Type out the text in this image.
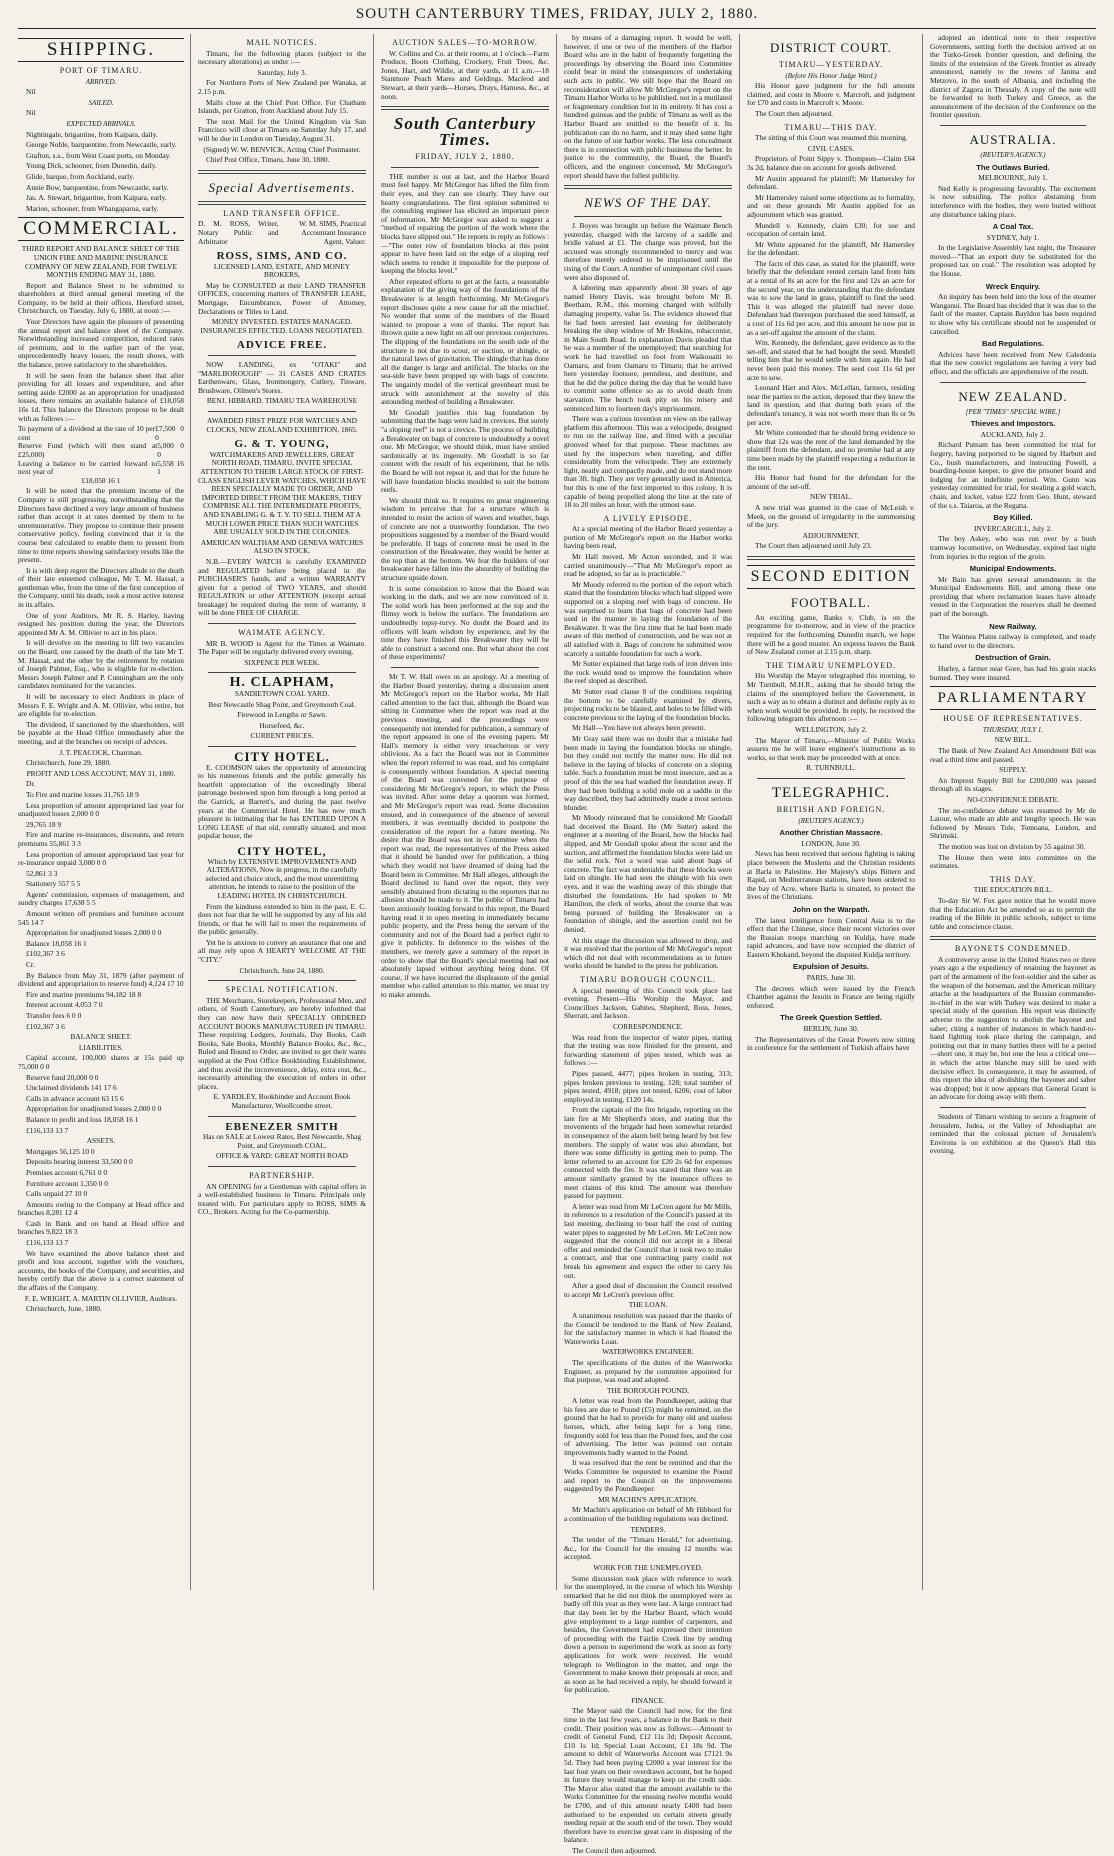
SOUTH CANTERBURY TIMES, FRIDAY, JULY 2, 1880.
SHIPPING.
PORT OF TIMARU.
ARRIVED.

Nil

SAILED.

Nil

EXPECTED ARRIVALS.

Nightingale, brigantine, from Kaipara, daily.

George Noble, barquentine, from Newcastle, early.

Grafton, s.s., from West Coast ports, on Monday.

Young Dick, schooner, from Dunedin, daily.

Glide, barque, from Auckland, early.

Annie Bow, barquentine, from Newcastle, early.

Jas. A. Stewart, brigantine, from Kaipara, early.

Marion, schooner, from Whangaparoa, early.

COMMERCIAL.

THIRD REPORT AND BALANCE SHEET OF THE UNION FIRE AND MARINE INSURANCE COMPANY OF NEW ZEALAND, FOR TWELVE MONTHS ENDING MAY 31, 1880.

Report and Balance Sheet to be submitted to shareholders at third annual general meeting of the Company, to be held at their offices, Hereford street, Christchurch, on Tuesday, July 6, 1880, at noon :—

Your Directors have again the pleasure of presenting the annual report and balance sheet of the Company. Notwithstanding increased competition, reduced rates of premium, and in the earlier part of the year, unprecedentedly heavy losses, the result shows, with the balance, prove satisfactory to the shareholders.

It will be seen from the balance sheet that after providing for all losses and expenditure, and after setting aside £2000 as an appropriation for unadjusted losses, there remains an available balance of £18,058 16s 1d. This balance the Directors propose to be dealt with as follows :—

To payment of a dividend at the rate of 10 per cent
£7,500 0 0
Reserve Fund (which will then stand at £25,000)
5,000 0 0
Leaving a balance to be carried forward to next year of
5,558 16 1

£18,058 16 1

It will be noted that the premium income of the Company is still progressing, notwithstanding that the Directors have declined a very large amount of business rather than accept it at rates deemed by them to be unremunerative. They propose to continue their present conservative policy, feeling convinced that it is the course best calculated to enable them to present from time to time reports showing satisfactory results like the present.

It is with deep regret the Directors allude to the death of their late esteemed colleague, Mr T. M. Hassal, a gentleman who, from the time of the first conception of the Company, until his death, took a most active interest in its affairs.

One of your Auditors, Mr R. S. Harley, having resigned his position during the year, the Directors appointed Mr A. M. Ollivier to act in his place.

It will devolve on the meeting to fill two vacancies on the Board, one caused by the death of the late Mr T. M. Hassal, and the other by the retirement by rotation of Joseph Palmer, Esq., who is eligible for re-election. Messrs Joseph Palmer and P. Cunningham are the only candidates nominated for the vacancies.

It will be necessary to elect Auditors in place of Messrs F. E. Wright and A. M. Ollivier, who retire, but are eligible for re-election.

The dividend, if sanctioned by the shareholders, will be payable at the Head Office immediately after the meeting, and at the branches on receipt of advices.

J. T. PEACOCK, Chairman.

Christchurch, June 29, 1880.

PROFIT AND LOSS ACCOUNT, MAY 31, 1880.

Dr.

To Fire and marine losses 31,765 18 9

Less proportion of amount appropriated last year for unadjusted losses 2,000 0 0

29,765 18 9

Fire and marine re-insurances, discounts, and return premiums 55,861 3 3

Less proportion of amount appropriated last year for re-insurance unpaid 3,000 0 0

52,861 3 3

Stationery 557 5 5

Agents' commission, expenses of management, and sundry charges 17,638 5 5

Amount written off premises and furniture account 545 14 7

Appropriation for unadjusted losses 2,000 0 0

Balance 18,058 16 1

£102,367 3 6

Cr.

By Balance from May 31, 1879 (after payment of dividend and appropriation to reserve fund) 4,124 17 10

Fire and marine premiums 94,182 18 8

Interest account 4,053 7 0

Transfer fees 6 0 0

£102,367 3 6

BALANCE SHEET.

LIABILITIES.

Capital account, 100,000 shares at 15s paid up 75,000 0 0

Reserve fund 20,000 0 0

Unclaimed dividends 141 17 6

Calls in advance account 63 15 6

Appropriation for unadjusted losses 2,000 0 0

Balance to profit and loss 18,058 16 1

£116,133 13 7

ASSETS.

Mortgages 56,125 10 0

Deposits bearing interest 33,500 0 0

Premises account 6,761 0 0

Furniture account 1,350 0 0

Calls unpaid 27 10 0

Amounts owing to the Company at Head office and branches 8,281 12 4

Cash in Bank and on hand at Head office and branches 9,822 18 3

£116,133 13 7

We have examined the above balance sheet and profit and loss account, together with the vouchers, accounts, the books of the Company, and securities, and hereby certify that the above is a correct statement of the affairs of the Company.

F. E. WRIGHT, A. MARTIN OLLIVIER, Auditors.

Christchurch, June, 1880.

MAIL NOTICES.

Timaru, for the following places (subject to the necessary alterations) as under :—

Saturday, July 3.

For Northern Ports of New Zealand per Wanaka, at 2.15 p.m.

Mails close at the Chief Post Office. For Chatham Islands, per Gratton, from Auckland about July 15.

The next Mail for the United Kingdom via San Francisco will close at Timaru on Saturday July 17, and will be due in London on Tuesday, August 31.

(Signed) W. W. BENVICK, Acting Chief Postmaster.

Chief Post Office, Timaru, June 30, 1880.

Special Advertisements.
LAND TRANSFER OFFICE.
D. M. ROSS, Writer, Notary Public and Arbitrator
W. M. SIMS, Practical Accountant Insurance Agent, Valuer.
ROSS, SIMS, AND CO.

LICENSED LAND, ESTATE, AND MONEY BROKERS,

May be CONSULTED at their LAND TRANSFER OFFICES, concerning matters of TRANSFER LEASE, Mortgage, Encumbrance, Power of Attorney, Declarations or Titles to Land.

MONEY INVESTED. ESTATES MANAGED. INSURANCES EFFECTED. LOANS NEGOTIATED.

ADVICE FREE.

NOW LANDING, ex "OTAKI" and "MARLBOROUGH" — 31 CASES AND CRATES Earthenware, Glass, Ironmongery, Cutlery, Tinware, Brushware, Oilmen's Stores.

BENJ. HIBBARD. TIMARU TEA WAREHOUSE

AWARDED FIRST PRIZE FOR WATCHES AND CLOCKS, NEW ZEALAND EXHIBITION, 1865.

G. & T. YOUNG,

WATCHMAKERS AND JEWELLERS, GREAT NORTH ROAD, TIMARU, INVITE SPECIAL ATTENTION TO THEIR LARGE STOCK OF FIRST-CLASS ENGLISH LEVER WATCHES, WHICH HAVE BEEN SPECIALLY MADE TO ORDER, AND IMPORTED DIRECT FROM THE MAKERS, THEY COMPRISE ALL THE INTERMEDIATE PROFITS, AND ENABLING G. & T. Y. TO SELL THEM AT A MUCH LOWER PRICE THAN SUCH WATCHES ARE USUALLY SOLD IN THE COLONIES.

AMERICAN WALTHAM AND GENEVA WATCHES ALSO IN STOCK.

N.B.—EVERY WATCH is carefully EXAMINED and REGULATED before being placed in the PURCHASER'S hands, and a written WARRANTY given for a period of TWO YEARS, and should REGULATION or other ATTENTION (except actual breakage) be required during the term of warranty, it will be done FREE OF CHARGE.

WAIMATE AGENCY.

MR B. WOOD is Agent for the Times at Waimate. The Paper will be regularly delivered every evening.

SIXPENCE PER WEEK.

H. CLAPHAM,

SANDIETOWN COAL YARD.

Best Newcastle Shag Point, and Greymouth Coal.

Firewood in Lengths or Sawn.

Horsefeed, &c.

CURRENT PRICES.

CITY HOTEL.

E. COOMSON takes the opportunity of announcing to his numerous friends and the public generally his heartfelt appreciation of the exceedingly liberal patronage bestowed upon him through a long period at the Garrick, at Barrett's, and during the past twelve years at the Commercial Hotel. He has now much pleasure in intimating that he has ENTERED UPON A LONG LEASE of that old, centrally situated, and most popular house, the

CITY HOTEL,

Which by EXTENSIVE IMPROVEMENTS AND ALTERATIONS, Now in progress, in the carefully selected and choice stock, and the most unremitting attention, he intends to raise to the position of the LEADING HOTEL IN CHRISTCHURCH.

From the kindness extended to him in the past, E. C. does not fear that he will be supported by any of his old friends, or that he will fail to meet the requirements of the public generally.

Yet he is anxious to convey an assurance that one and all may rely upon A HEARTY WELCOME AT THE "CITY."

Christchurch, June 24, 1880.

SPECIAL NOTIFICATION.

THE Merchants, Storekeepers, Professional Men, and others, of South Canterbury, are hereby informed that they can now have their SPECIALLY ORDERED ACCOUNT BOOKS MANUFACTURED IN TIMARU. These requiring Ledgers, Journals, Day Books, Cash Books, Sale Books, Monthly Balance Books, &c., &c., Ruled and Bound to Order, are invited to get their wants supplied at the Post Office Bookbinding Establishment, and thus avoid the inconvenience, delay, extra cost, &c., necessarily attending the execution of orders in other places.

E. YARDLEY, Bookbinder and Account Book Manufacturer, Woollcombe street.

EBENEZER SMITH

Has on SALE at Lowest Rates, Best Newcastle, Shag Point, and Greymouth COAL.

OFFICE & YARD: GREAT NORTH ROAD

PARTNERSHIP.

AN OPENING for a Gentleman with capital offers in a well-established business in Timaru. Principals only treated with. For particulars apply to ROSS, SIMS & CO., Brokers. Acting for the Co-partnership.

AUCTION SALES—TO-MORROW.

W. Collins and Co. at their rooms, at 1 o'clock—Farm Produce, Boots Clothing, Crockery, Fruit Trees, &c. Jones, Hart, and Wildie, at their yards, at 11 a.m.—18 Stanmore Peach Mares and Geldings. Macleod and Stewart, at their yards—Horses, Drays, Harness, &c., at noon.

South Canterbury Times.
FRIDAY, JULY 2, 1880.

THE number is out at last, and the Harbor Board must feel happy. Mr McGregor has lifted the film from their eyes, and they can see clearly. They have our hearty congratulations. The first opinion submitted to the consulting engineer has elicited an important piece of information. Mr McGregor was asked to suggest a "method of repairing the portion of the work where the blocks have slipped out." He reports in reply as follows :—"The outer row of foundation blocks at this point appear to have been laid on the edge of a sloping reef which seems to render it impossible for the purpose of keeping the blocks level."

After repeated efforts to get at the facts, a reasonable explanation of the giving way of the foundations of the Breakwater is at length forthcoming. Mr McGregor's report discloses quite a new cause for all the mischief. No wonder that some of the members of the Board wanted to propose a vote of thanks. The report has thrown quite a new light on all our previous conjectures. The slipping of the foundations on the south side of the structure is not due to scour, or suction, or shingle, or the natural laws of gravitation. The shingle that has done all the danger is large and artificial. The blocks on the sea-side have been propped up with bags of concrete. The ungainly model of the vertical greenheart must be struck with astonishment at the novelty of this astounding method of building a Breakwater.

Mr Goodall justifies this bag foundation by submitting that the bags were laid in crevices. But surely "a sloping reef" is not a crevice. The process of building a Breakwater on bags of concrete is undoubtedly a novel one. Mr McGregor, we should think, must have smiled sardonically at its ingenuity. Mr Goodall is so far content with the result of his experiment, that he tells the Board he will not repeat it, and that for the future he will have foundation blocks moulded to suit the bottom reefs.

We should think so. It requires no great engineering wisdom to perceive that for a structure which is intended to resist the action of waves and weather, bags of concrete are not a trustworthy foundation. The two propositions suggested by a member of the Board would be preferable. If bags of concrete must be used in the construction of the Breakwater, they would be better at the top than at the bottom. We fear the builders of our breakwater have fallen into the absurdity of building the structure upside down.

It is some consolation to know that the Board was working in the dark, and we are now convinced of it. The solid work has been performed at the top and the flimsy work is below the surface. The foundations are undoubtedly topsy-turvy. No doubt the Board and its officers will learn wisdom by experience, and by the time they have finished this Breakwater they will be able to construct a second one. But what about the cost of these experiments?

Mr T. W. Hall owes us an apology. At a meeting of the Harbor Board yesterday, during a discussion anent Mr McGregor's report on the Harbor works, Mr Hall called attention to the fact that, although the Board was sitting in Committee when the report was read at the previous meeting, and the proceedings were consequently not intended for publication, a summary of the report appeared in one of the evening papers. Mr Hall's memory is either very treacherous or very oblivious. As a fact the Board was not in Committee when the report referred to was read, and his complaint is consequently without foundation. A special meeting of the Board was convened for the purpose of considering Mr McGregor's report, to which the Press was invited. After some delay a quorum was formed, and Mr McGregor's report was read. Some discussion ensued, and in consequence of the absence of several members, it was eventually decided to postpone the consideration of the report for a future meeting. No desire that the Board was not in Committee when the report was read, the representatives of the Press asked that it should be handed over for publication, a thing which they would not have dreamed of doing had the Board been in Committee. Mr Hall alleges, although the Board declined to hand over the report, they very sensibly abstained from dictating to the reporters that no allusion should be made to it. The public of Timaru had been anxiously looking forward to this report, the Board having read it in open meeting in immediately became public property, and the Press being the servant of the community and not of the Board had a perfect right to give it publicity. In deference to the wishes of the members, we merely gave a summary of the report in order to show that the Board's special meeting had not absolutely lapsed without anything being done. Of course, if we have incurred the displeasure of the genial member who called attention to this matter, we must try to make amends.

by means of a damaging report. It would be well, however, if one or two of the members of the Harbor Board who are in the habit of frequently forgetting the proceedings by observing the Board into Committee could bear in mind the consequences of undertaking such acts in public. We still hope that the Board on reconsideration will allow Mr McGregor's report on the Timaru Harbor Works to be published, not in a mutilated or fragmentary condition but in its entirety. It has cost a hundred guineas and the public of Timaru as well as the Harbor Board are entitled to the benefit of it. Its publication can do no harm, and it may shed some light on the future of our harbor works. The less concealment there is in connection with public business the better. In justice to the community, the Board, the Board's officers, and the engineer concerned, Mr McGregor's report should have the fullest publicity.

NEWS OF THE DAY.

J. Boyes was brought up before the Waimate Bench yesterday, charged with the larceny of a saddle and bridle valued at £1. The charge was proved, but the accused was strongly recommended to mercy and was therefore merely ordered to be imprisoned until the rising of the Court. A number of unimportant civil cases were also disposed of.

A laboring man apparently about 30 years of age named Henry Davis, was brought before Mr B. Beetham, R.M., this morning charged with wilfully damaging property, value 5s. The evidence showed that he had been arrested last evening for deliberately breaking the shop window of Mr Hoskins, tobacconist, in Main South Road. In explanation Davis pleaded that he was a member of the unemployed; that searching for work he had travelled on foot from Waikouaiti to Oamaru, and from Oamaru to Timaru; that he arrived here yesterday footsore, penniless, and destitute, and that he did the police during the day that he would have to commit some offence so as to avoid death from starvation. The bench took pity on his misery and sentenced him to fourteen day's imprisonment.

There was a curious invention on view on the railway platform this afternoon. This was a velocipede, designed to run on the railway line, and fitted with a peculiar grooved wheel for that purpose. These machines are used by the inspectors when traveling, and differ considerably from the velocipede. They are extremely light, neatly and compactly made, and do not stand more than 3ft. high. They are very generally used in America, but this is one of the first imported to this colony. It is capable of being propelled along the line at the rate of 18 to 20 miles an hour, with the utmost ease.

A LIVELY EPISODE.

At a special meeting of the Harbor Board yesterday a portion of Mr McGregor's report on the Harbor works having been read,

Mr Hall moved, Mr Acton seconded, and it was carried unanimously—"That Mr McGregor's report as read be adopted, so far as is practicable."

Mr Moody referred to the portion of the report which stated that the foundation blocks which had slipped were supported on a sloping reef with bags of concrete. He was surprised to learn that bags of concrete had been used in the manner in laying the foundation of the Breakwater. It was the first time that he had been made aware of this method of construction, and he was not at all satisfied with it. Bags of concrete he submitted were scarcely a suitable foundation for such a work.

Mr Sutter explained that large rods of iron driven into the rock would tend to improve the foundation where the reef sloped as described.

Mr Sutter read clause 8 of the conditions requiring the bottom to be carefully examined by divers, projecting rocks to be blasted, and holes to be filled with concrete previous to the laying of the foundation blocks.

Mr Hall—You have not always been present.

Mr Gray said there was no doubt that a mistake had been made in laying the foundation blocks on shingle, but they could not rectify the matter now. He did not believe in the laying of blocks of concrete on a sloping table. Such a foundation must be most insecure, and as a proof of this the sea had washed the foundation away. If they had been building a solid mole on a saddle in the way described, they had admittedly made a most serious blunder.

Mr Moody reiterated that he considered Mr Goodall had deceived the Board. He (Mr Sutter) asked the engineer at a meeting of the Board, how the blocks had slipped, and Mr Goodall spoke about the scour and the suction, and affirmed the foundation blocks were laid on the solid rock. Not a word was said about bags of concrete. The fact was undeniable that these blocks were laid on shingle. He had seen the shingle with his own eyes, and it was the washing away of this shingle that disturbed the foundations. He had spoken to Mr Hamilton, the clerk of works, about the course that was being pursued of building the Breakwater on a foundation of shingle, and the assertion could not be denied.

At this stage the discussion was allowed to drop, and it was resolved that the portion of Mr McGregor's report which did not deal with recommendations as to future works should be handed to the press for publication.

TIMARU BOROUGH COUNCIL.

A special meeting of this Council took place last evening. Present—His Worship the Mayor, and Councillors Jackson, Gabites, Shepherd, Ross, Jones, Sherratt, and Jackson.

CORRESPONDENCE.

Was read from the inspector of water pipes, stating that the testing was now finished for the present, and forwarding statement of pipes tested, which was as follows :—

Pipes passed, 4477; pipes broken in testing, 313; pipes broken previous to testing, 128; total number of pipes tested, 4918; pipes not tested, 6206; cost of labor employed in testing, £120 14s.

From the captain of the fire brigade, reporting on the late fire at Mr Shepherd's store, and stating that the movements of the brigade had been somewhat retarded in consequence of the alarm bell being heard by but few members. The supply of water was also abundant, but there was some difficulty in getting men to pump. The letter referred to an account for £20 2s 6d for expenses connected with the fire. It was stated that there was an amount similarly granted by the insurance offices to meet claims of this kind. The amount was therefore passed for payment.

A letter was read from Mr LeCren agent for Mr Mills, in reference to a resolution of the Council's passed at its last meeting, declining to bear half the cost of cutting water pipes to suggested by Mr LeCren. Mr LeCren now suggested that the council did not accept in a liberal offer and reminded the Council that it took two to make a contract, and that one contracting party could not break his agreement and expect the other to carry his out.

After a good deal of discussion the Council resolved to accept Mr LeCren's previous offer.

THE LOAN.

A unanimous resolution was passed that the thanks of the Council be tendered to the Bank of New Zealand, for the satisfactory manner in which it had floated the Waterworks Loan.

WATERWORKS ENGINEER.

The specifications of the duties of the Waterworks Engineer, as prepared by the committee appointed for that purpose, was read and adopted.

THE BOROUGH POUND.

A letter was read from the Poundkeeper, asking that his fees are due to Pound (£5) might be remitted, on the ground that he had to provide for many old and useless horses, which, after being kept for a long time, frequently sold for less than the Pound fees, and the cost of advertising. The letter was pointed out certain improvements badly wanted to the Pound.

It was resolved that the rent be remitted and that the Works Committee be requested to examine the Pound and report to the Council on the improvements suggested by the Poundkeeper.

MR MACHIN'S APPLICATION.

Mr Machin's application on behalf of Mr Hibbord for a continuation of the building regulations was declined.

TENDERS.

The tender of the "Timaru Herald," for advertising, &c., for the Council for the ensuing 12 months was accepted.

WORK FOR THE UNEMPLOYED.

Some discussion took place with reference to work for the unemployed, in the course of which his Worship remarked that he did not think the unemployed were as badly off this year as they were last. A large contract had that day been let by the Harbor Board, which would give employment to a large number of carpenters, and besides, the Government had expressed their intention of proceeding with the Fairlie Creek line by sending down a person to superintend the work as soon as forty applications for work were received. He would telegraph to Wellington in the matter, and urge the Government to make known their proposals at once, and as soon as he had received a reply, he should forward it for publication.

FINANCE.

The Mayor said the Council had now, for the first time in the last few years, a balance in the Bank to their credit. Their position was now as follows:—Amount to credit of General Fund, £12 11s 3d; Deposit Account, £10 1s 1d; Special Loan Account, £1 18s 9d. The amount to debit of Waterworks Account was £7121 9s 5d. They had been paying £2000 a year interest for the last four years on their overdrawn account, but he hoped in future they would manage to keep on the credit side. The Mayor also stated that the amount available to the Works Committee for the ensuing twelve months would be £700, and of this amount nearly £400 had been authorised to be expended on certain streets greatly needing repair at the south end of the town. They would therefore have to exercise great care in disposing of the balance.

The Council then adjourned.

DISTRICT COURT.
TIMARU—YESTERDAY.
(Before His Honor Judge Ward.)

His Honor gave judgment for the full amount claimed, and costs in Moore v. Marcroft, and judgment for £70 and costs in Marcroft v. Moore.

The Court then adjourned.

TIMARU—THIS DAY.

The sitting of this Court was resumed this morning.

CIVIL CASES.

Proprietors of Point Sippy v. Thompson—Claim £64 3s 2d, balance due on account for goods delivered.

Mr Austin appeared for plaintiff; Mr Hamersley for defendant.

Mr Hamersley raised some objections as to formality, and on these grounds Mr Austin applied for an adjournment which was granted.

Mundell v. Kennedy, claim £30; for use and occupation of certain land.

Mr White appeared for the plaintiff, Mr Hamersley for the defendant.

The facts of this case, as stated for the plaintiff, were briefly that the defendant rented certain land from him at a rental of 8s an acre for the first and 12s an acre for the second year, on the understanding that the defendant was to sow the land in grass, plaintiff to find the seed. This it was alleged the plaintiff had never done. Defendant had thereupon purchased the seed himself, at a cost of 11s 6d per acre, and this amount he now put in as a set-off against the amount of the claim.

Wm. Kennedy, the defendant, gave evidence as to the set-off, and stated that he had bought the seed. Mundell telling him that he would settle with him again. He had never been paid this money. The seed cost 11s 6d per acre to sow.

Leonard Hart and Alex. McLellan, farmers, residing near the parties to the action, deposed that they knew the land in question, and that during both years of the defendant's tenancy, it was not worth more than 8s or 9s per acre.

Mr White contended that he should bring evidence to show that 12s was the rent of the land demanded by the plaintiff from the defendant, and no promise had at any time been made by the plaintiff respecting a reduction in the rent.

His Honor had found for the defendant for the amount of the set-off.

NEW TRIAL.

A new trial was granted in the case of McLeish v. Meek, on the ground of irregularity in the summonsing of the jury.

ADJOURNMENT.

The Court then adjourned until July 23.

SECOND EDITION
FOOTBALL.

An exciting game, Banks v. Club, is on the programme for to-morrow, and in view of the practice required for the forthcoming Dunedin match, we hope there will be a good muster. An express leaves the Bank of New Zealand corner at 2.15 p.m. sharp.

THE TIMARU UNEMPLOYED.

His Worship the Mayor telegraphed this morning, to Mr Turnbull, M.H.R., asking that he should bring the claims of the unemployed before the Government, in such a way as to obtain a distinct and definite reply as to when work would be provided. In reply, he received the following telegram this afternoon :—

WELLINGTON, July 2.

The Mayor of Timaru,—Minister of Public Works assures me he will leave engineer's instructions as to works, so that work may be proceeded with at once.

R. TURNBULL.

TELEGRAPHIC.
BRITISH AND FOREIGN.
(REUTER'S AGENCY.)
Another Christian Massacre.

LONDON, June 30.

News has been received that serious fighting is taking place between the Moslems and the Christian residents at Barla in Palestine. Her Majesty's ships Bittern and Rapid, on Mediterranean stations, have been ordered to the bay of Acre, where Barla is situated, to protect the lives of the Christians.

John on the Warpath.

The latest intelligence from Central Asia is to the effect that the Chinese, since their recent victories over the Russian troops marching on Kuldja, have made rapid advances, and have now occupied the district of Eastern Khokand, beyond the disputed Kuldja territory.

Expulsion of Jesuits.

PARIS, June 30.

The decrees which were issued by the French Chamber against the Jesuits in France are being rigidly enforced.

The Greek Question Settled.

BERLIN, June 30.

The Representatives of the Great Powers now sitting in conference for the settlement of Turkish affairs have

adopted an identical note to their respective Governments, setting forth the decision arrived at on the Turko-Greek frontier question, and defining the limits of the extension of the Greek frontier as already announced, namely to the towns of Janina and Metzovo, in the south of Albania, and including the district of Zagora in Thessaly. A copy of the note will be forwarded to both Turkey and Greece, as the announcement of the decision of the Conference on the frontier question.

AUSTRALIA.
(REUTER'S AGENCY.)
The Outlaws Buried.

MELBOURNE, July 1.

Ned Kelly is progressing favorably. The excitement is now subsiding. The police abstaining from interference with the bodies, they were buried without any disturbance taking place.

A Coal Tax.

SYDNEY, July 1.

In the Legislative Assembly last night, the Treasurer moved—"That an export duty be substituted for the proposed tax on coal." The resolution was adopted by the House.

Wreck Enquiry.

An inquiry has been held into the loss of the steamer Wanganui. The Board has decided that it was due to the fault of the master. Captain Bayldon has been required to show why his certificate should not be suspended or cancelled.

Bad Regulations.

Advices have been received from New Caledonia that the new convict regulations are having a very bad effect, and the officials are apprehensive of the result.

NEW ZEALAND.
[PER "TIMES" SPECIAL WIRE.]
Thieves and Impostors.

AUCKLAND, July 2.

Richard Putnam has been committed for trial for forgery, having purported to be signed by Harbutt and Co., bush manufacturers, and instructing Powell, a boarding-house keeper, to give the prisoner board and lodging for an indefinite period. Wm. Gunn was yesterday committed for trial, for stealing a gold watch, chain, and locket, value £22 from Geo. Hunt, steward of the s.s. Taiaroa, at the Regatta.

Boy Killed.

INVERCARGILL, July 2.

The boy Askey, who was run over by a bush tramway locomotive, on Wednesday, expired last night from injuries in the region of the groin.

Municipal Endowments.

Mr Bain has given several amendments in the Municipal Endowments Bill, and among these one providing that where reclamation leases have already vested in the Corporation the reserves shall be deemed part of the borough.

New Railway.

The Waimea Plains railway is completed, and ready to hand over to the directors.

Destruction of Grain.

Hurley, a farmer near Gore, has had his grain stacks burned. They were insured.

PARLIAMENTARY
HOUSE OF REPRESENTATIVES.
THURSDAY, JULY 1.

NEW BILL.

The Bank of New Zealand Act Amendment Bill was read a third time and passed.

SUPPLY.

An Imprest Supply Bill for £200,000 was passed through all its stages.

NO-CONFIDENCE DEBATE.

The no-confidence debate was resumed by Mr de Latour, who made an able and lengthy speech. He was followed by Messrs Tole, Tomoana, Lundon, and Shrimski.

The motion was lost on division by 55 against 30.

The House then went into committee on the estimates.

THIS DAY.

THE EDUCATION BILL.

To-day Sir W. Fox gave notice that he would move that the Education Act be amended so as to permit the reading of the Bible in public schools, subject to time table and conscience clause.

BAYONETS CONDEMNED.

A controversy arose in the United States two or three years ago a the expediency of retaining the bayonet as part of the armament of the foot-soldier and the saber as the weapon of the horseman, and the American military attache at the headquarters of the Russian commander-in-chief in the war with Turkey was desired to make a special study of the question. His report was distinctly adverse to the suggestion to abolish the bayonet and saber; citing a number of instances in which hand-to-hand fighting took place during the campaign, and pointing out that in many battles there will be a period—short one, it may be, but one the less a critical one—in which the arme blanche may still be used with decisive effect. In consequence, it may be assumed, of this report the idea of abolishing the bayonet and saber was dropped; but it now appears that General Grant is an advocate for doing away with them.

Students of Timaru wishing to secure a fragment of Jerusalem, Judea, or the Valley of Jehoshaphat are reminded that the colossal picture of Jerusalem's Environs is on exhibition at the Queen's Hall this evening.
